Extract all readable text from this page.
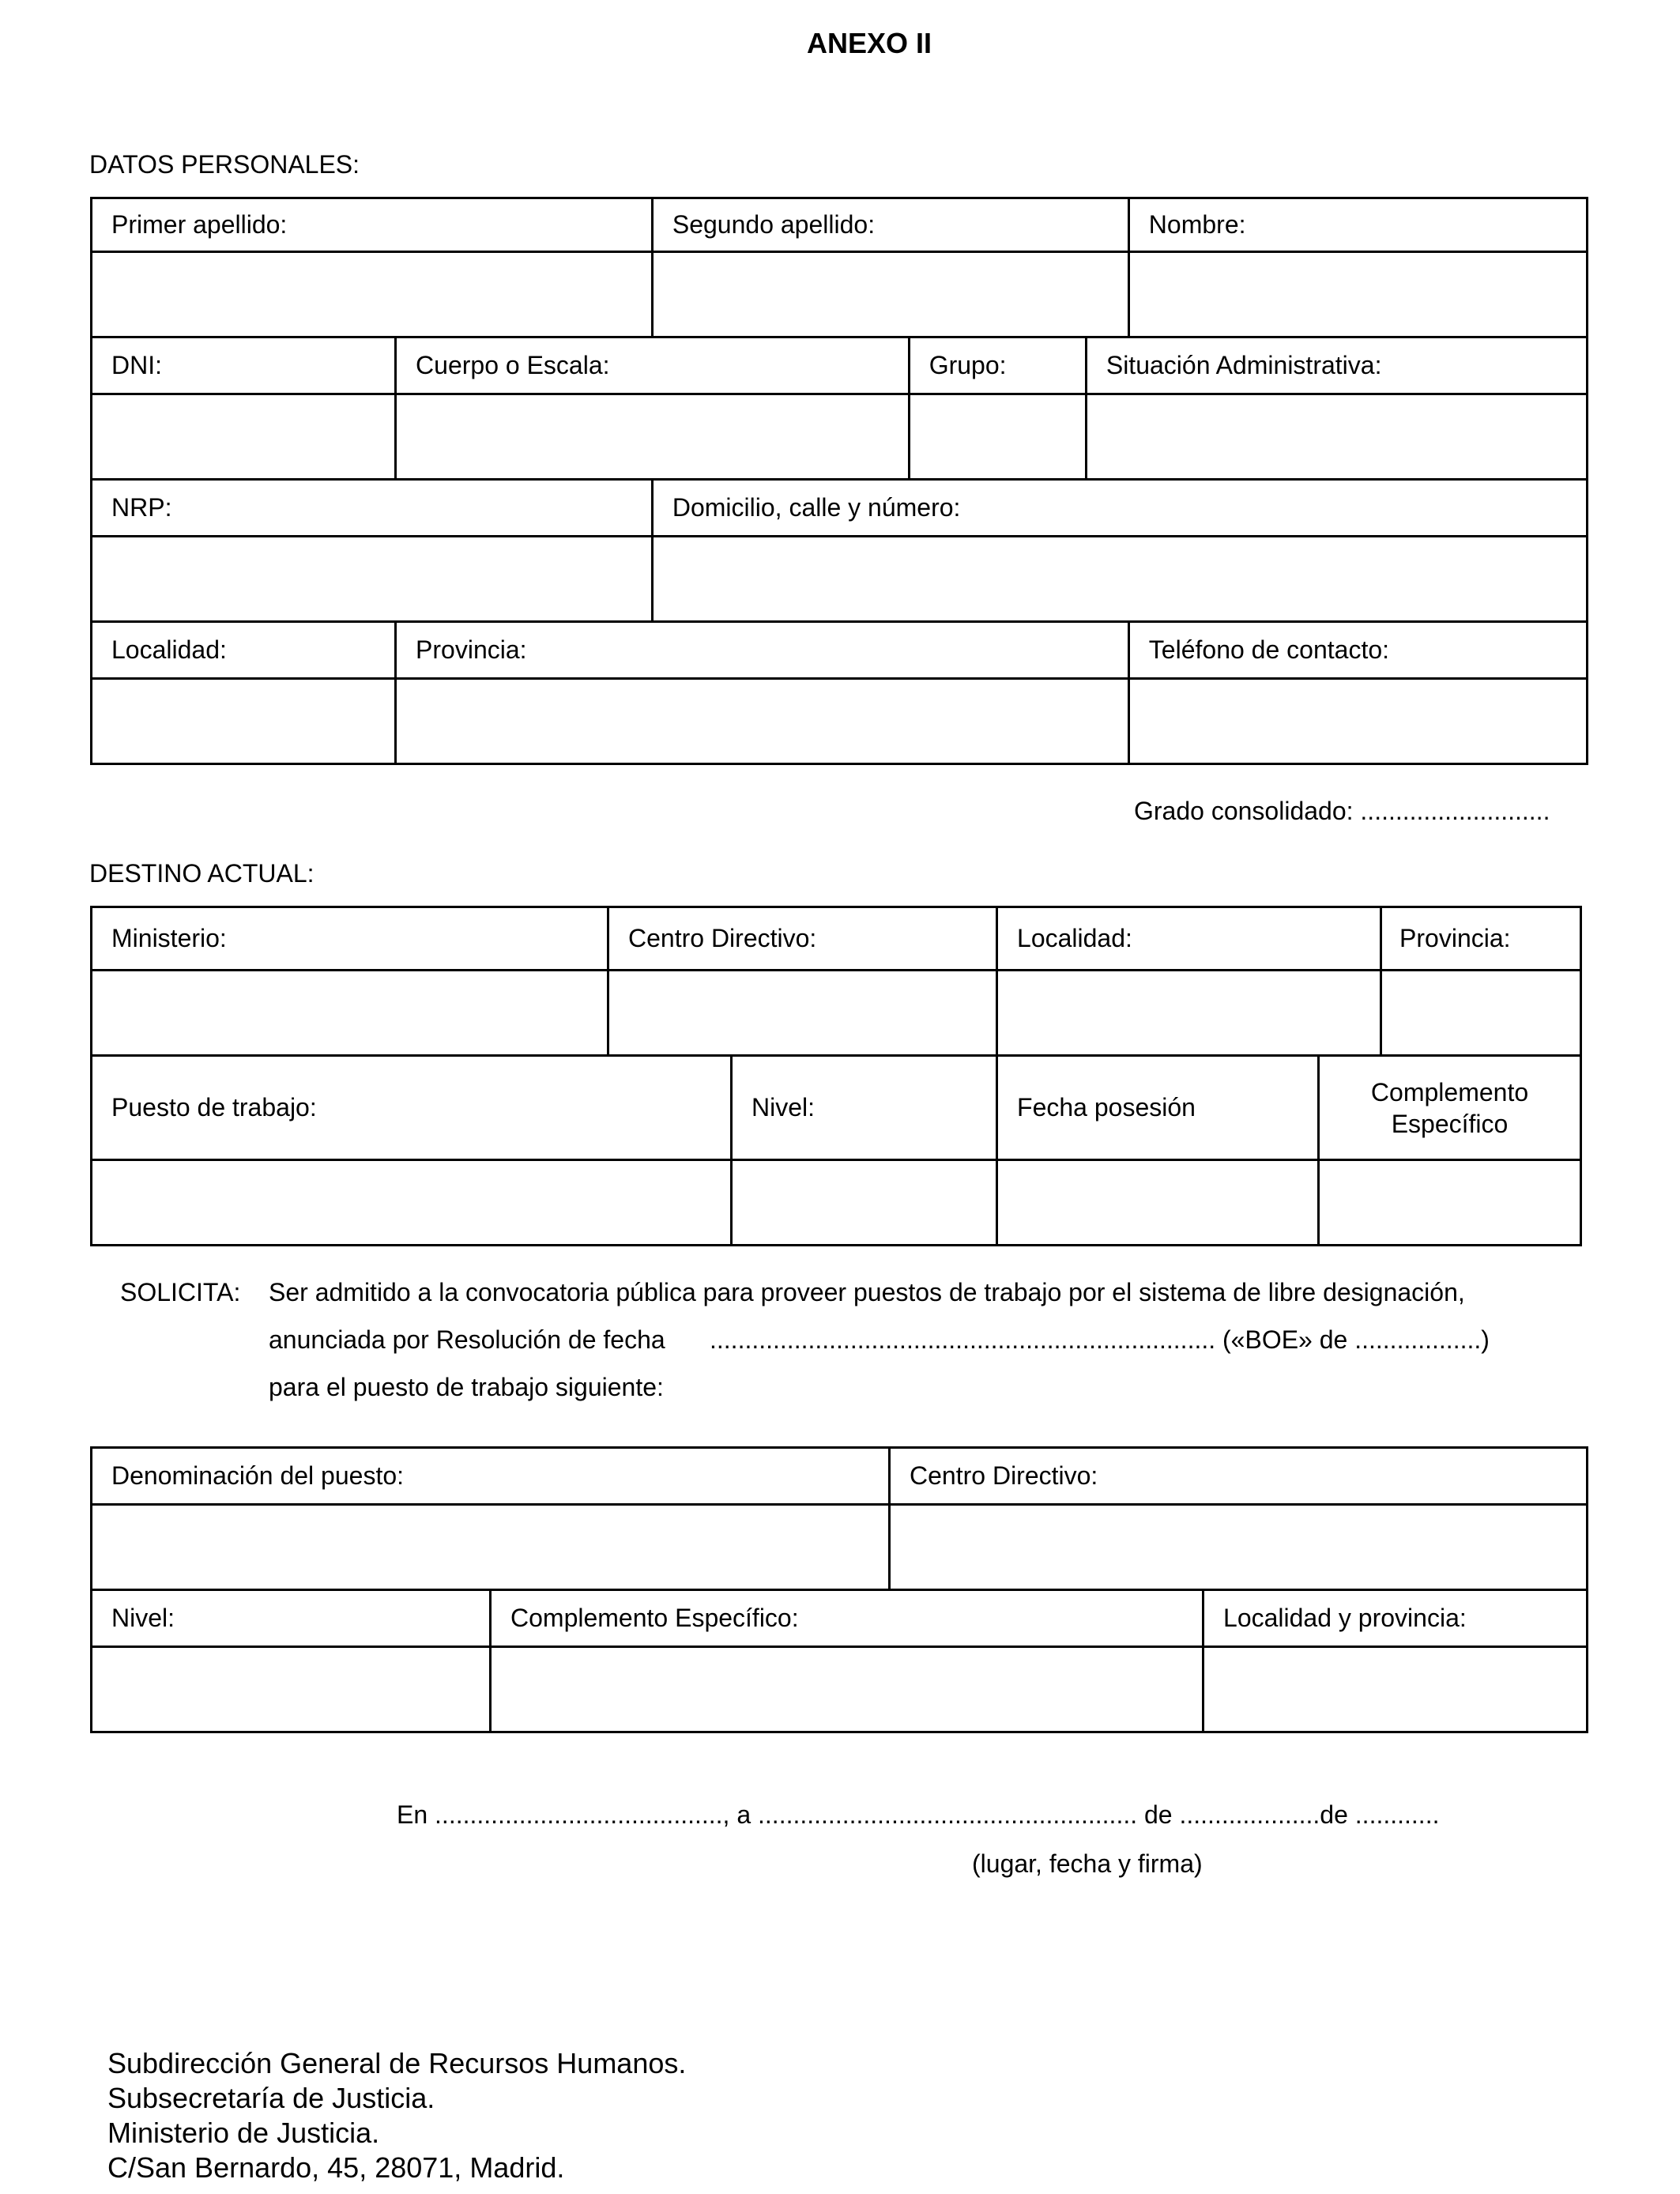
ANEXO II
DATOS PERSONALES:
Primer apellido:		Segundo apellido:			Nombre:

DNI:	Cuerpo o Escala:		Grupo:	Situación Administrativa:	

NRP:		Domicilio, calle y número:			

Localidad:	Provincia:				Teléfono de contacto:

Grado consolidado: ...........................
DESTINO ACTUAL:
Ministerio:	Centro Directivo:		Localidad:		Provincia:

Puesto de trabajo:		Nivel:	Fecha posesión	Complemento
Específico	

SOLICITA: Ser admitido a la convocatoria pública para proveer puestos de trabajo por el sistema de libre designación,
anunciada por Resolución de fecha ........................................................................ («BOE» de ..................)
para el puesto de trabajo siguiente:
Denominación del puesto:		Centro Directivo:	

Nivel:	Complemento Específico:		Localidad y provincia:

En ........................................., a ...................................................... de ....................de ............
(lugar, fecha y firma)
Subdirección General de Recursos Humanos.
Subsecretaría de Justicia.
Ministerio de Justicia.
C/San Bernardo, 45, 28071, Madrid.
